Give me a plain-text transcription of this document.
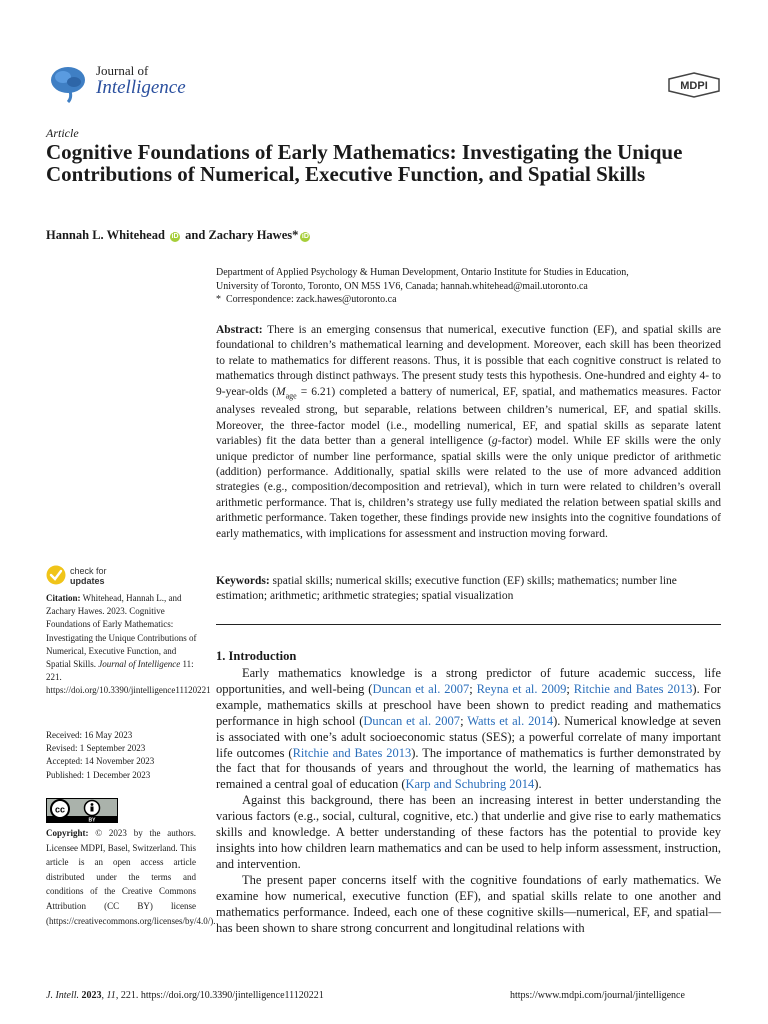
Journal of
Intelligence	MDPI
Article
Cognitive Foundations of Early Mathematics: Investigating the Unique Contributions of Numerical, Executive Function, and Spatial Skills
Hannah L. Whitehead iD and Zachary Hawes* iD
Department of Applied Psychology & Human Development, Ontario Institute for Studies in Education,
University of Toronto, Toronto, ON M5S 1V6, Canada; hannah.whitehead@mail.utoronto.ca
* Correspondence: zack.hawes@utoronto.ca

Abstract: There is an emerging consensus that numerical, executive function (EF), and spatial skills are foundational to children’s mathematical learning and development. Moreover, each skill has been theorized to relate to mathematics for different reasons. Thus, it is possible that each cognitive construct is related to mathematics through distinct pathways. The present study tests this hypothesis. One-hundred and eighty 4- to 9-year-olds $(M_{age} = 6.21)$ completed a battery of numerical, EF, spatial, and mathematics measures. Factor analyses revealed strong, but separable, relations between children’s numerical, EF, and spatial skills. Moreover, the three-factor model (i.e., modelling numerical, EF, and spatial skills as separate latent variables) fit the data better than a general intelligence (g-factor) model. While EF skills were the only unique predictor of number line performance, spatial skills were the only unique predictor of arithmetic (addition) performance. Additionally, spatial skills were related to the use of more advanced addition strategies (e.g., composition/decomposition and retrieval), which in turn were related to children’s overall arithmetic performance. That is, children’s strategy use fully mediated the relation between spatial skills and arithmetic performance. Taken together, these findings provide new insights into the cognitive foundations of early mathematics, with implications for assessment and instruction moving forward.

Keywords: spatial skills; numerical skills; executive function (EF) skills; mathematics; number line estimation; arithmetic; arithmetic strategies; spatial visualization

check for
updates
Citation: Whitehead, Hannah L., and Zachary Hawes. 2023. Cognitive Foundations of Early Mathematics: Investigating the Unique Contributions of Numerical, Executive Function, and Spatial Skills. Journal of Intelligence 11: 221. https://doi.org/10.3390/jintelligence11120221
Received: 16 May 2023
Revised: 1 September 2023
Accepted: 14 November 2023
Published: 1 December 2023
cc
BY
Copyright: © 2023 by the authors. Licensee MDPI, Basel, Switzerland. This article is an open access article distributed under the terms and conditions of the Creative Commons Attribution (CC BY) license (https://creativecommons.org/licenses/by/4.0/).
1. Introduction

Early mathematics knowledge is a strong predictor of future academic success, life opportunities, and well-being (Duncan et al. 2007; Reyna et al. 2009; Ritchie and Bates 2013). For example, mathematics skills at preschool have been shown to predict reading and mathematics performance in high school (Duncan et al. 2007; Watts et al. 2014). Numerical knowledge at seven is associated with one’s adult socioeconomic status (SES); a powerful correlate of many important life outcomes (Ritchie and Bates 2013). The importance of mathematics is further demonstrated by the fact that for thousands of years and throughout the world, the learning of mathematics has remained a central goal of education (Karp and Schubring 2014).

Against this background, there has been an increasing interest in better understanding the various factors (e.g., social, cultural, cognitive, etc.) that underlie and give rise to early mathematics skills and knowledge. A better understanding of these factors has the potential to provide key insights into how children learn mathematics and can be used to help inform assessment, instruction, and intervention.

The present paper concerns itself with the cognitive foundations of early mathematics. We examine how numerical, executive function (EF), and spatial skills relate to one another and mathematics performance. Indeed, each one of these cognitive skills—numerical, EF, and spatial—has been shown to share strong concurrent and longitudinal relations with

J. Intell. 2023, 11, 221. https://doi.org/10.3390/jintelligence11120221	https://www.mdpi.com/journal/jintelligence
